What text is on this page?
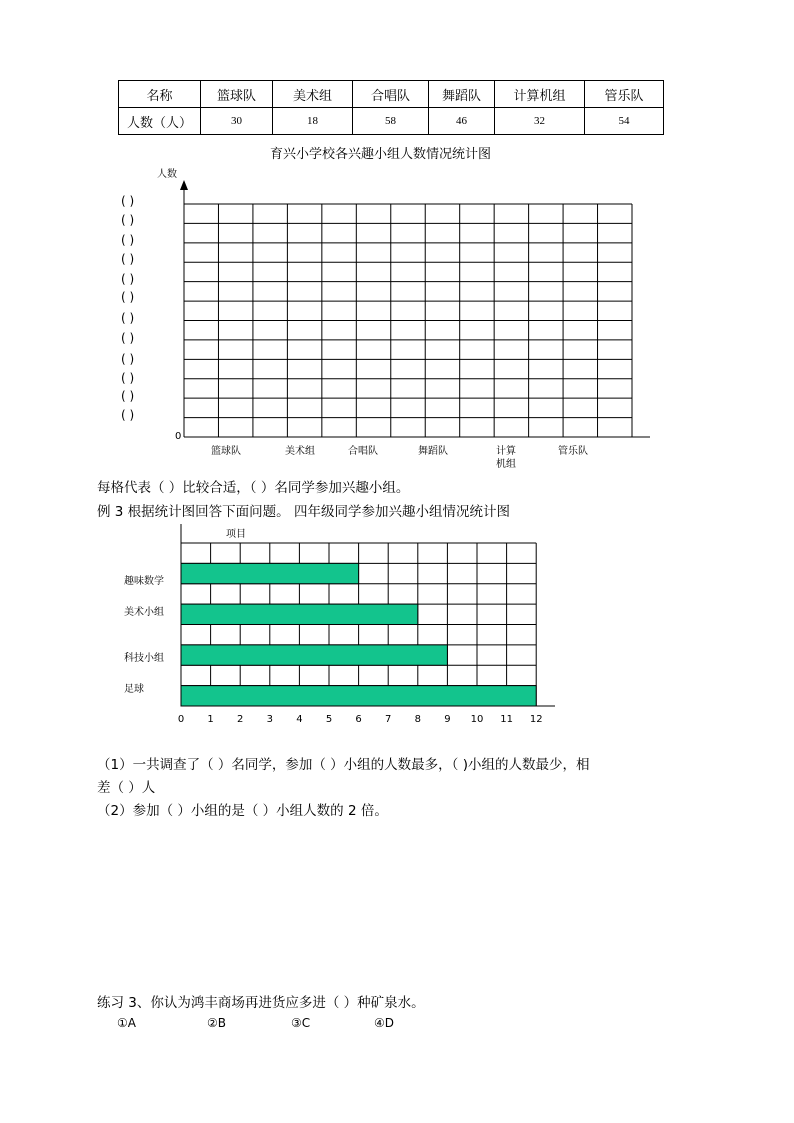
名称	篮球队	美术组	合唱队	舞蹈队	计算机组	管乐队
人数（人）	30	18	58	46	32	54
育兴小学校各兴趣小组人数情况统计图
人数
0
( )
( )
( )
( )
( )
( )
( )
( )
( )
( )
( )
( )
篮球队	美术组	合唱队	舞蹈队	计算
机组
管乐队
每格代表（ ）比较合适，（ ）名同学参加兴趣小组。
例 3 根据统计图回答下面问题。 四年级同学参加兴趣小组情况统计图
0 1 2 3 4 5 6 7 8 9 10 11 12
项目
趣味数学
美术小组
科技小组
足球
（1）一共调查了（ ）名同学，参加（ ）小组的人数最多，（ )小组的人数最少，相
差（ ）人
（2）参加（ ）小组的是（ ）小组人数的 2 倍。
练习 3、你认为鸿丰商场再进货应多进（ ）种矿泉水。
①A	②B	③C	④D
